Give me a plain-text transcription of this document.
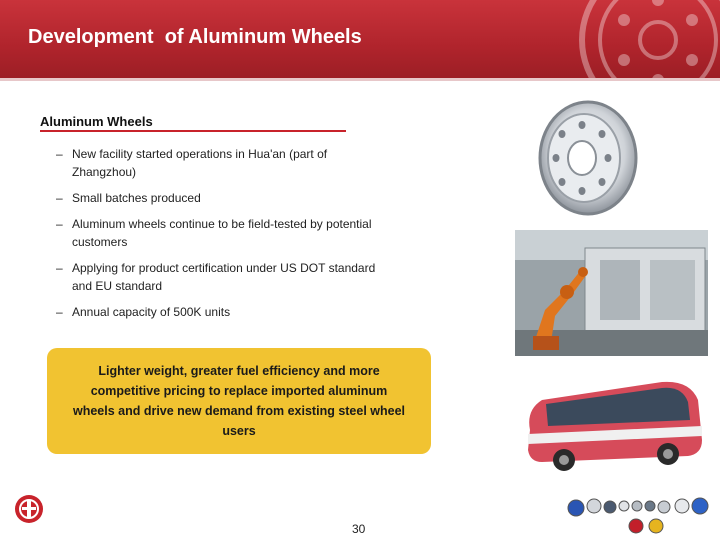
Development  of Aluminum Wheels
Aluminum Wheels
– New facility started operations in Hua'an (part of Zhangzhou)
– Small batches produced
– Aluminum wheels continue to be field-tested by potential customers
– Applying for product certification under US DOT standard and EU standard
– Annual capacity of 500K units
Lighter weight, greater fuel efficiency and more competitive pricing to replace imported aluminum wheels and drive new demand from existing steel wheel users
30
